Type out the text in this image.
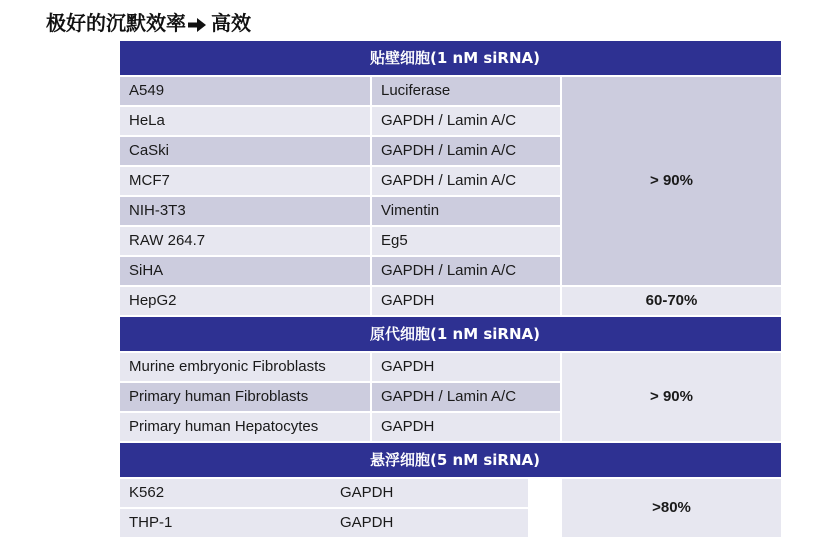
极好的沉默效率 高效
贴壁细胞(1 nM siRNA)
A549	Luciferase	> 90%
HeLa	GAPDH / Lamin A/C
CaSki	GAPDH / Lamin A/C
MCF7	GAPDH / Lamin A/C
NIH-3T3	Vimentin
RAW 264.7	Eg5
SiHA	GAPDH / Lamin A/C
HepG2	GAPDH	60-70%
原代细胞(1 nM siRNA)
Murine embryonic Fibroblasts	GAPDH	> 90%
Primary human Fibroblasts	GAPDH / Lamin A/C
Primary human Hepatocytes	GAPDH
悬浮细胞(5 nM siRNA)
K562	GAPDH	>80%
THP-1	GAPDH
